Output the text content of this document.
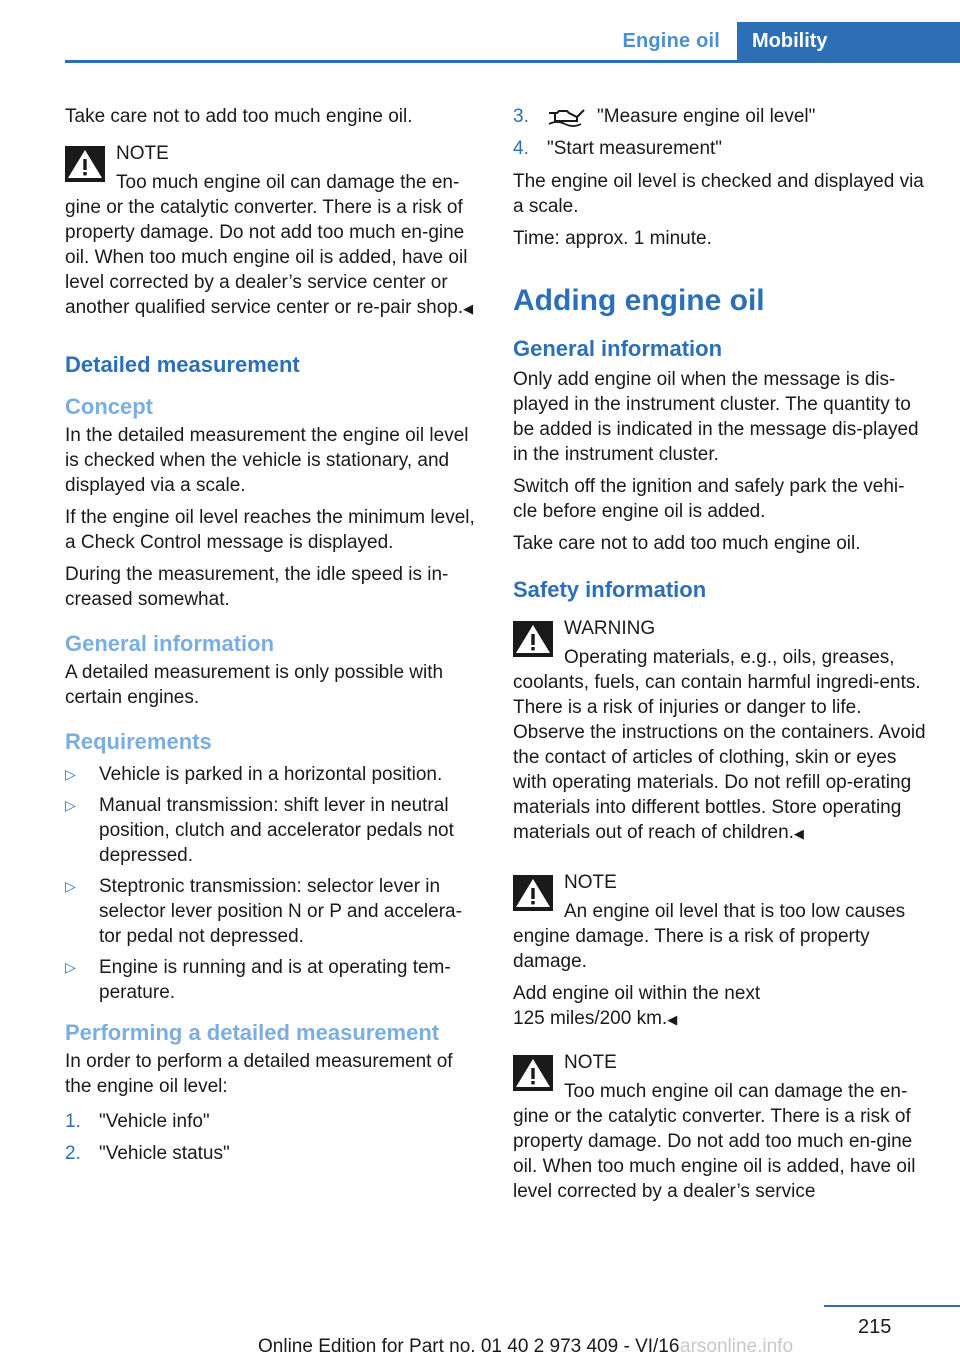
Engine oil	Mobility

Take care not to add too much engine oil.

NOTE
Too much engine oil can damage the en-
gine or the catalytic converter. There is a risk of property damage. Do not add too much en-gine oil. When too much engine oil is added, have oil level corrected by a dealer’s service center or another qualified service center or re-pair shop.◀
Detailed measurement
Concept

In the detailed measurement the engine oil level is checked when the vehicle is stationary, and displayed via a scale.

If the engine oil level reaches the minimum level, a Check Control message is displayed.

During the measurement, the idle speed is in-creased somewhat.

General information

A detailed measurement is only possible with certain engines.

Requirements
▷ Vehicle is parked in a horizontal position.
▷ Manual transmission: shift lever in neutral position, clutch and accelerator pedals not depressed.
▷ Steptronic transmission: selector lever in selector lever position N or P and accelera-tor pedal not depressed.
▷ Engine is running and is at operating tem-perature.
Performing a detailed measurement

In order to perform a detailed measurement of the engine oil level:

1. "Vehicle info"
2. "Vehicle status"
3.	"Measure engine oil level"
4. "Start measurement"

The engine oil level is checked and displayed via a scale.

Time: approx. 1 minute.

Adding engine oil
General information

Only add engine oil when the message is dis-played in the instrument cluster. The quantity to be added is indicated in the message dis-played in the instrument cluster.

Switch off the ignition and safely park the vehi-cle before engine oil is added.

Take care not to add too much engine oil.

Safety information
WARNING
Operating materials, e.g., oils, greases,
coolants, fuels, can contain harmful ingredi-ents. There is a risk of injuries or danger to life. Observe the instructions on the containers. Avoid the contact of articles of clothing, skin or eyes with operating materials. Do not refill op-erating materials into different bottles. Store operating materials out of reach of children.◀
NOTE
An engine oil level that is too low causes
engine damage. There is a risk of property damage.

Add engine oil within the next

125 miles/200 km.◀

NOTE
Too much engine oil can damage the en-
gine or the catalytic converter. There is a risk of property damage. Do not add too much en-gine oil. When too much engine oil is added, have oil level corrected by a dealer’s service
215
Online Edition for Part no. 01 40 2 973 409 - VI/16 arsonline.info
